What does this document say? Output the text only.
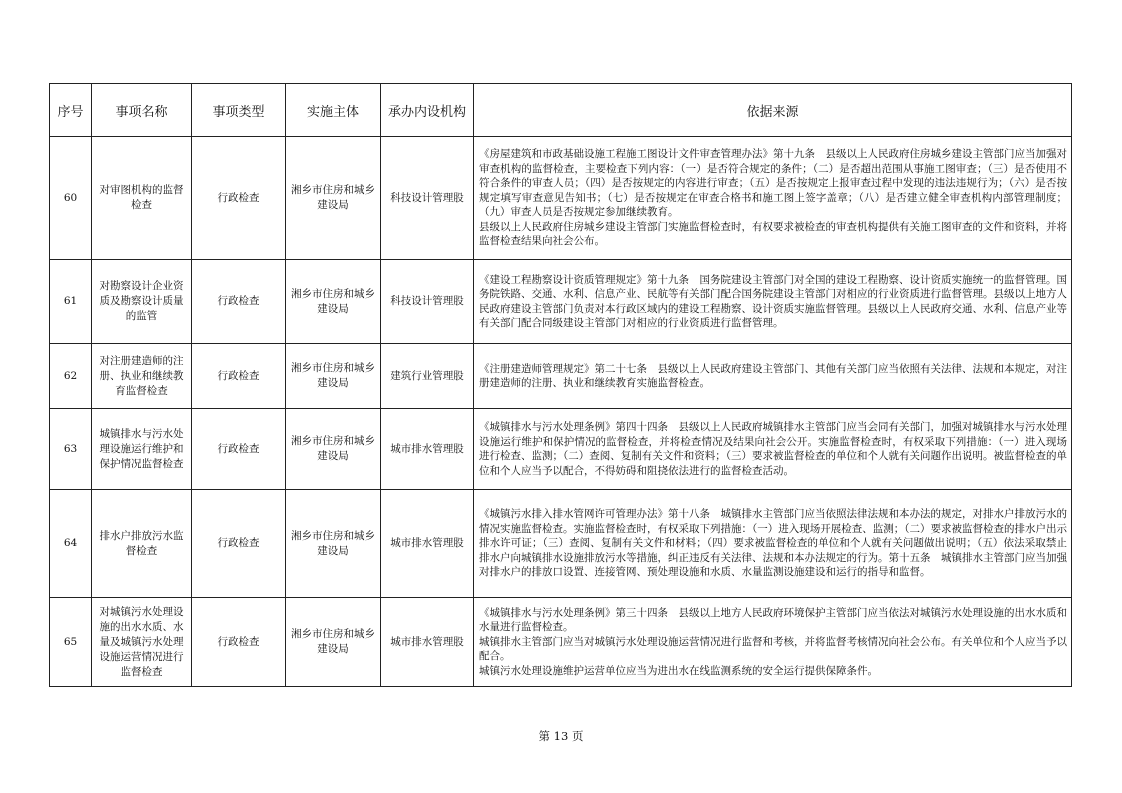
序号	事项名称	事项类型	实施主体	承办内设机构	依据来源
60	对审图机构的监督检查	行政检查	湘乡市住房和城乡建设局	科技设计管理股	《房屋建筑和市政基础设施工程施工图设计文件审查管理办法》第十九条　县级以上人民政府住房城乡建设主管部门应当加强对审查机构的监督检查，主要检查下列内容：（一）是否符合规定的条件；（二）是否超出范围从事施工图审查；（三）是否使用不符合条件的审查人员；（四）是否按规定的内容进行审查；（五）是否按规定上报审查过程中发现的违法违规行为；（六）是否按规定填写审查意见告知书；（七）是否按规定在审查合格书和施工图上签字盖章；（八）是否建立健全审查机构内部管理制度；（九）审查人员是否按规定参加继续教育。

县级以上人民政府住房城乡建设主管部门实施监督检查时，有权要求被检查的审查机构提供有关施工图审查的文件和资料，并将监督检查结果向社会公布。

61	对勘察设计企业资质及勘察设计质量的监管	行政检查	湘乡市住房和城乡建设局	科技设计管理股	《建设工程勘察设计资质管理规定》第十九条　国务院建设主管部门对全国的建设工程勘察、设计资质实施统一的监督管理。国务院铁路、交通、水利、信息产业、民航等有关部门配合国务院建设主管部门对相应的行业资质进行监督管理。县级以上地方人民政府建设主管部门负责对本行政区域内的建设工程勘察、设计资质实施监督管理。县级以上人民政府交通、水利、信息产业等有关部门配合同级建设主管部门对相应的行业资质进行监督管理。

62	对注册建造师的注册、执业和继续教育监督检查	行政检查	湘乡市住房和城乡建设局	建筑行业管理股	《注册建造师管理规定》第二十七条　县级以上人民政府建设主管部门、其他有关部门应当依照有关法律、法规和本规定，对注册建造师的注册、执业和继续教育实施监督检查。

63	城镇排水与污水处理设施运行维护和保护情况监督检查	行政检查	湘乡市住房和城乡建设局	城市排水管理股	《城镇排水与污水处理条例》第四十四条　县级以上人民政府城镇排水主管部门应当会同有关部门，加强对城镇排水与污水处理设施运行维护和保护情况的监督检查，并将检查情况及结果向社会公开。实施监督检查时，有权采取下列措施：（一）进入现场进行检查、监测；（二）查阅、复制有关文件和资料；（三）要求被监督检查的单位和个人就有关问题作出说明。被监督检查的单位和个人应当予以配合，不得妨碍和阻挠依法进行的监督检查活动。

64	排水户排放污水监督检查	行政检查	湘乡市住房和城乡建设局	城市排水管理股	《城镇污水排入排水管网许可管理办法》第十八条　城镇排水主管部门应当依照法律法规和本办法的规定，对排水户排放污水的情况实施监督检查。实施监督检查时，有权采取下列措施：（一）进入现场开展检查、监测；（二）要求被监督检查的排水户出示排水许可证；（三）查阅、复制有关文件和材料；（四）要求被监督检查的单位和个人就有关问题做出说明；（五）依法采取禁止排水户向城镇排水设施排放污水等措施，纠正违反有关法律、法规和本办法规定的行为。第十五条　城镇排水主管部门应当加强对排水户的排放口设置、连接管网、预处理设施和水质、水量监测设施建设和运行的指导和监督。

65	对城镇污水处理设施的出水水质、水量及城镇污水处理设施运营情况进行监督检查	行政检查	湘乡市住房和城乡建设局	城市排水管理股	《城镇排水与污水处理条例》第三十四条　县级以上地方人民政府环境保护主管部门应当依法对城镇污水处理设施的出水水质和水量进行监督检查。

城镇排水主管部门应当对城镇污水处理设施运营情况进行监督和考核，并将监督考核情况向社会公布。有关单位和个人应当予以配合。

城镇污水处理设施维护运营单位应当为进出水在线监测系统的安全运行提供保障条件。

第 13 页
